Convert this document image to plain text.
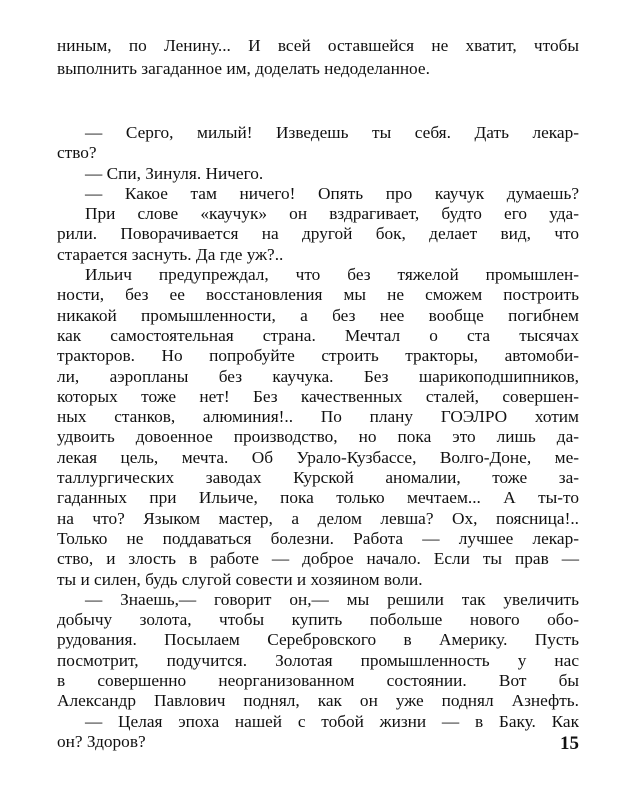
ниным, по Ленину... И всей оставшейся не хватит, чтобы
выполнить загаданное им, доделать недоделанное.
— Серго, милый! Изведешь ты себя. Дать лекар-
ство?
— Спи, Зинуля. Ничего.
— Какое там ничего! Опять про каучук думаешь?
При слове «каучук» он вздрагивает, будто его уда-
рили. Поворачивается на другой бок, делает вид, что
старается заснуть. Да где уж?..
Ильич предупреждал, что без тяжелой промышлен-
ности, без ее восстановления мы не сможем построить
никакой промышленности, а без нее вообще погибнем
как самостоятельная страна. Мечтал о ста тысячах
тракторов. Но попробуйте строить тракторы, автомоби-
ли, аэропланы без каучука. Без шарикоподшипников,
которых тоже нет! Без качественных сталей, совершен-
ных станков, алюминия!.. По плану ГОЭЛРО хотим
удвоить довоенное производство, но пока это лишь да-
лекая цель, мечта. Об Урало-Кузбассе, Волго-Доне, ме-
таллургических заводах Курской аномалии, тоже за-
гаданных при Ильиче, пока только мечтаем... А ты-то
на что? Языком мастер, а делом левша? Ох, поясница!..
Только не поддаваться болезни. Работа — лучшее лекар-
ство, и злость в работе — доброе начало. Если ты прав —
ты и силен, будь слугой совести и хозяином воли.
— Знаешь,— говорит он,— мы решили так увеличить
добычу золота, чтобы купить побольше нового обо-
рудования. Посылаем Серебровского в Америку. Пусть
посмотрит, подучится. Золотая промышленность у нас
в совершенно неорганизованном состоянии. Вот бы
Александр Павлович поднял, как он уже поднял Азнефть.
— Целая эпоха нашей с тобой жизни — в Баку. Как
он? Здоров?	15
